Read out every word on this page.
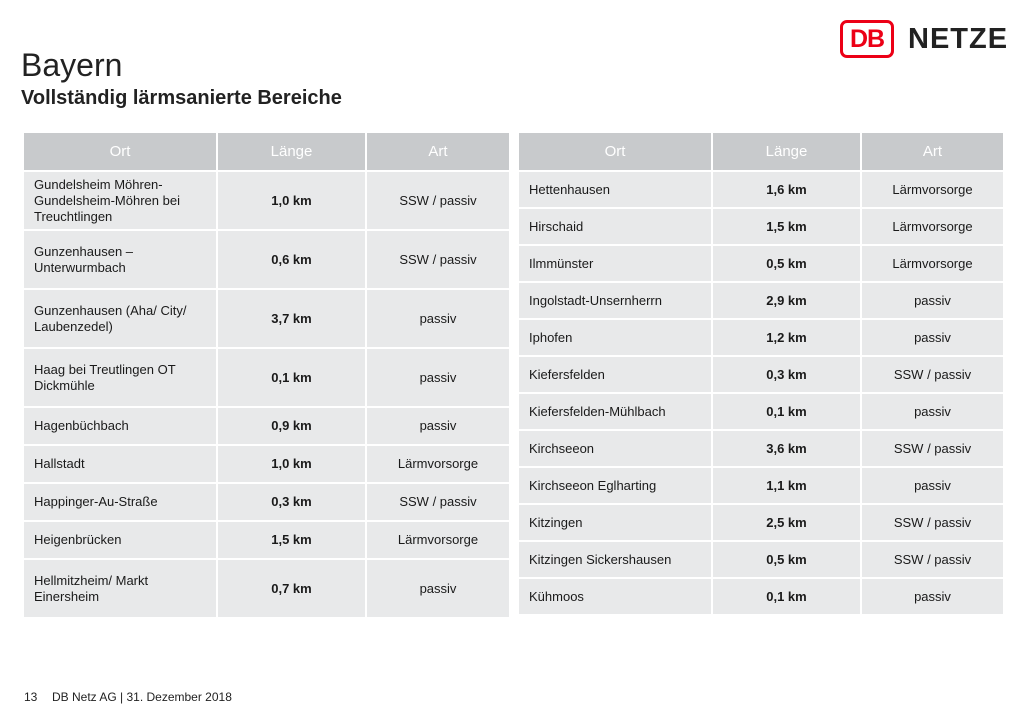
Bayern
Vollständig lärmsanierte Bereiche
DB NETZE
Ort	Länge	Art
Gundelsheim Möhren-Gundelsheim-Möhren bei Treuchtlingen	1,0 km	SSW / passiv
Gunzenhausen – Unterwurmbach	0,6 km	SSW / passiv
Gunzenhausen (Aha/ City/ Laubenzedel)	3,7 km	passiv
Haag bei Treutlingen OT Dickmühle	0,1 km	passiv
Hagenbüchbach	0,9 km	passiv
Hallstadt	1,0 km	Lärmvorsorge
Happinger-Au-Straße	0,3 km	SSW / passiv
Heigenbrücken	1,5 km	Lärmvorsorge
Hellmitzheim/ Markt Einersheim	0,7 km	passiv
Ort	Länge	Art
Hettenhausen	1,6 km	Lärmvorsorge
Hirschaid	1,5 km	Lärmvorsorge
Ilmmünster	0,5 km	Lärmvorsorge
Ingolstadt-Unsernherrn	2,9 km	passiv
Iphofen	1,2 km	passiv
Kiefersfelden	0,3 km	SSW / passiv
Kiefersfelden-Mühlbach	0,1 km	passiv
Kirchseeon	3,6 km	SSW / passiv
Kirchseeon Eglharting	1,1 km	passiv
Kitzingen	2,5 km	SSW / passiv
Kitzingen Sickershausen	0,5 km	SSW / passiv
Kühmoos	0,1 km	passiv
13 DB Netz AG | 31. Dezember 2018
